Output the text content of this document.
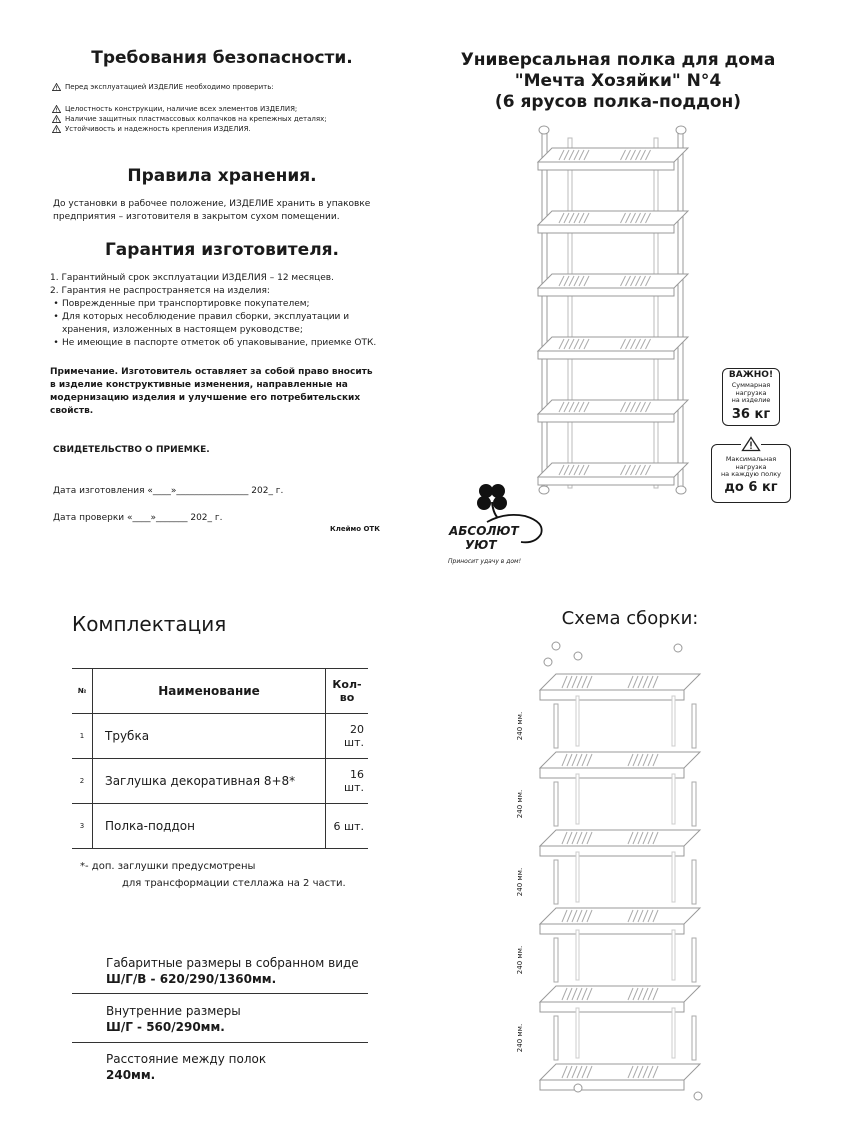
Требования безопасности.
Перед эксплуатацией ИЗДЕЛИЕ необходимо проверить:
Целостность конструкции, наличие всех элементов ИЗДЕЛИЯ;
Наличие защитных пластмассовых колпачков на крепежных деталях;
Устойчивость и надежность крепления ИЗДЕЛИЯ.
Правила хранения.
До установки в рабочее положение, ИЗДЕЛИЕ хранить в упаковке
предприятия – изготовителя в закрытом сухом помещении.
Гарантия изготовителя.
1. Гарантийный срок эксплуатации ИЗДЕЛИЯ – 12 месяцев.
2. Гарантия не распространяется на изделия:
• Поврежденные при транспортировке покупателем;
• Для которых несоблюдение правил сборки, эксплуатации и
хранения, изложенных в настоящем руководстве;
• Не имеющие в паспорте отметок об упаковывание, приемке ОТК.
Примечание. Изготовитель оставляет за собой право вносить
в изделие конструктивные изменения, направленные на
модернизацию изделия и улучшение его потребительских свойств.
СВИДЕТЕЛЬСТВО О ПРИЕМКЕ.
Дата изготовления «____»________________ 202_ г.
Дата проверки «____»_______ 202_ г.
Клеймо ОТК
Универсальная полка для дома
"Мечта Хозяйки" N°4
(6 ярусов полка-поддон)
ВАЖНО!
Суммарная
нагрузка
на изделие
36 кг
Максимальная
нагрузка
на каждую полку
до 6 кг
АБСОЛЮТ
УЮТ
Приносит удачу в дом!
Комплектация
№	Наименование	Кол-во
1	Трубка	20 шт.
2	Заглушка декоративная 8+8*	16 шт.
3	Полка-поддон	6 шт.
*- доп. заглушки предусмотрены
для трансформации стеллажа на 2 части.
Габаритные размеры в собранном виде
Ш/Г/В - 620/290/1360мм.
Внутренние размеры
Ш/Г - 560/290мм.
Расстояние между полок
240мм.
Схема сборки:
240 мм.
240 мм.
240 мм.
240 мм.
240 мм.
